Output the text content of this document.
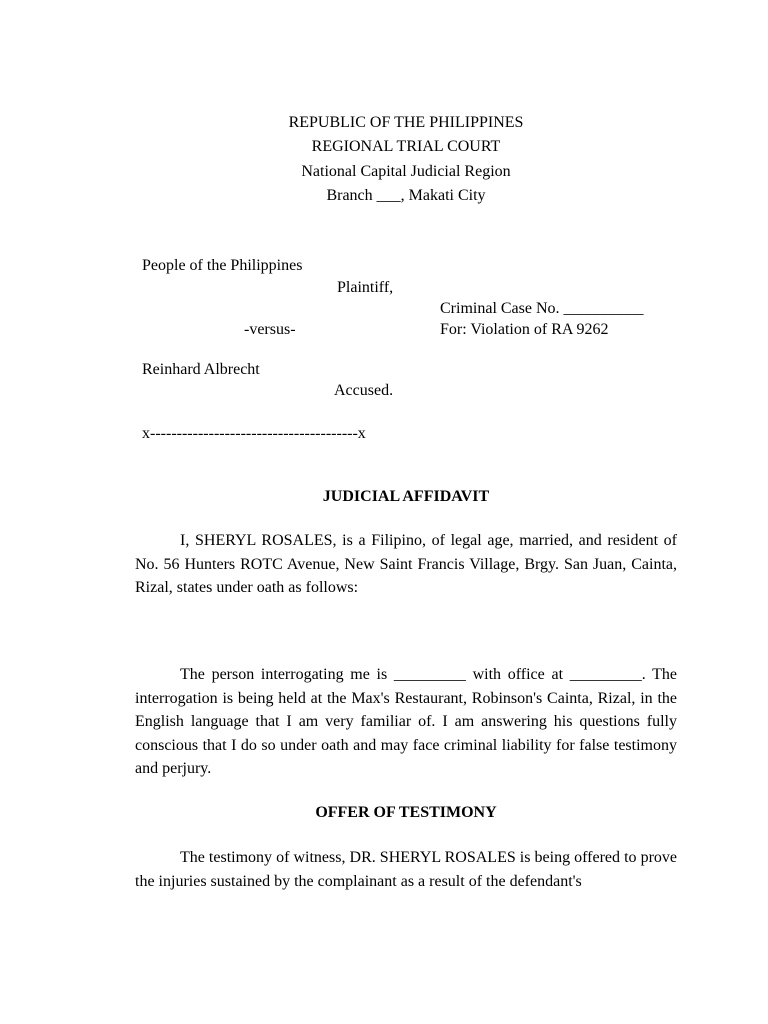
REPUBLIC OF THE PHILIPPINES
REGIONAL TRIAL COURT
National Capital Judicial Region
Branch ___, Makati City
People of the Philippines
Plaintiff,
Criminal Case No. __________
-versus-	For: Violation of RA 9262
Reinhard Albrecht
Accused.
x---------------------------------------x
JUDICIAL AFFIDAVIT
I, SHERYL ROSALES, is a Filipino, of legal age, married, and resident of No. 56 Hunters ROTC Avenue, New Saint Francis Village, Brgy. San Juan, Cainta, Rizal, states under oath as follows:
The person interrogating me is _________ with office at _________. The interrogation is being held at the Max's Restaurant, Robinson's Cainta, Rizal, in the English language that I am very familiar of. I am answering his questions fully conscious that I do so under oath and may face criminal liability for false testimony and perjury.
OFFER OF TESTIMONY
The testimony of witness, DR. SHERYL ROSALES is being offered to prove the injuries sustained by the complainant as a result of the defendant's
